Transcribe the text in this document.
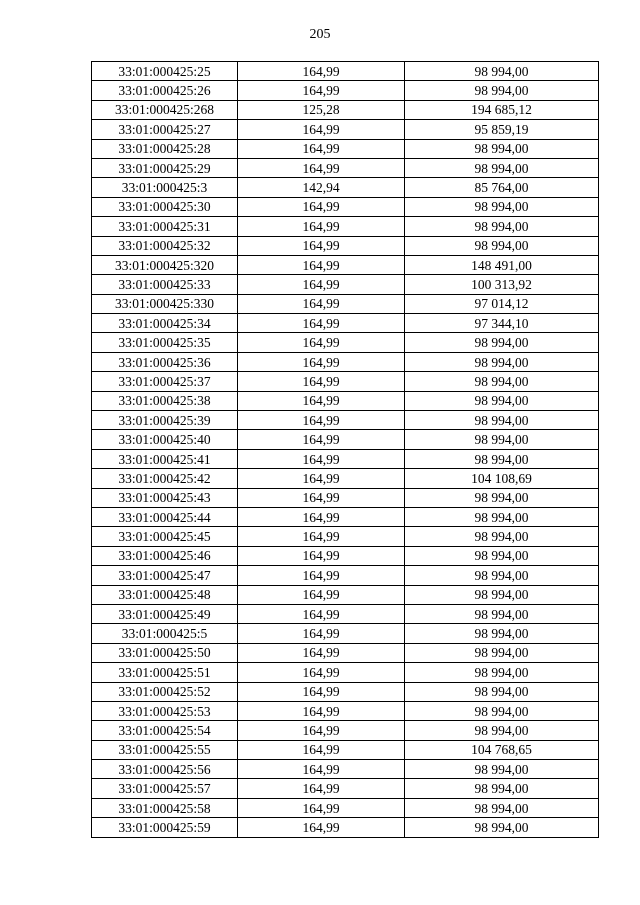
205
33:01:000425:25	164,99	98 994,00
33:01:000425:26	164,99	98 994,00
33:01:000425:268	125,28	194 685,12
33:01:000425:27	164,99	95 859,19
33:01:000425:28	164,99	98 994,00
33:01:000425:29	164,99	98 994,00
33:01:000425:3	142,94	85 764,00
33:01:000425:30	164,99	98 994,00
33:01:000425:31	164,99	98 994,00
33:01:000425:32	164,99	98 994,00
33:01:000425:320	164,99	148 491,00
33:01:000425:33	164,99	100 313,92
33:01:000425:330	164,99	97 014,12
33:01:000425:34	164,99	97 344,10
33:01:000425:35	164,99	98 994,00
33:01:000425:36	164,99	98 994,00
33:01:000425:37	164,99	98 994,00
33:01:000425:38	164,99	98 994,00
33:01:000425:39	164,99	98 994,00
33:01:000425:40	164,99	98 994,00
33:01:000425:41	164,99	98 994,00
33:01:000425:42	164,99	104 108,69
33:01:000425:43	164,99	98 994,00
33:01:000425:44	164,99	98 994,00
33:01:000425:45	164,99	98 994,00
33:01:000425:46	164,99	98 994,00
33:01:000425:47	164,99	98 994,00
33:01:000425:48	164,99	98 994,00
33:01:000425:49	164,99	98 994,00
33:01:000425:5	164,99	98 994,00
33:01:000425:50	164,99	98 994,00
33:01:000425:51	164,99	98 994,00
33:01:000425:52	164,99	98 994,00
33:01:000425:53	164,99	98 994,00
33:01:000425:54	164,99	98 994,00
33:01:000425:55	164,99	104 768,65
33:01:000425:56	164,99	98 994,00
33:01:000425:57	164,99	98 994,00
33:01:000425:58	164,99	98 994,00
33:01:000425:59	164,99	98 994,00
